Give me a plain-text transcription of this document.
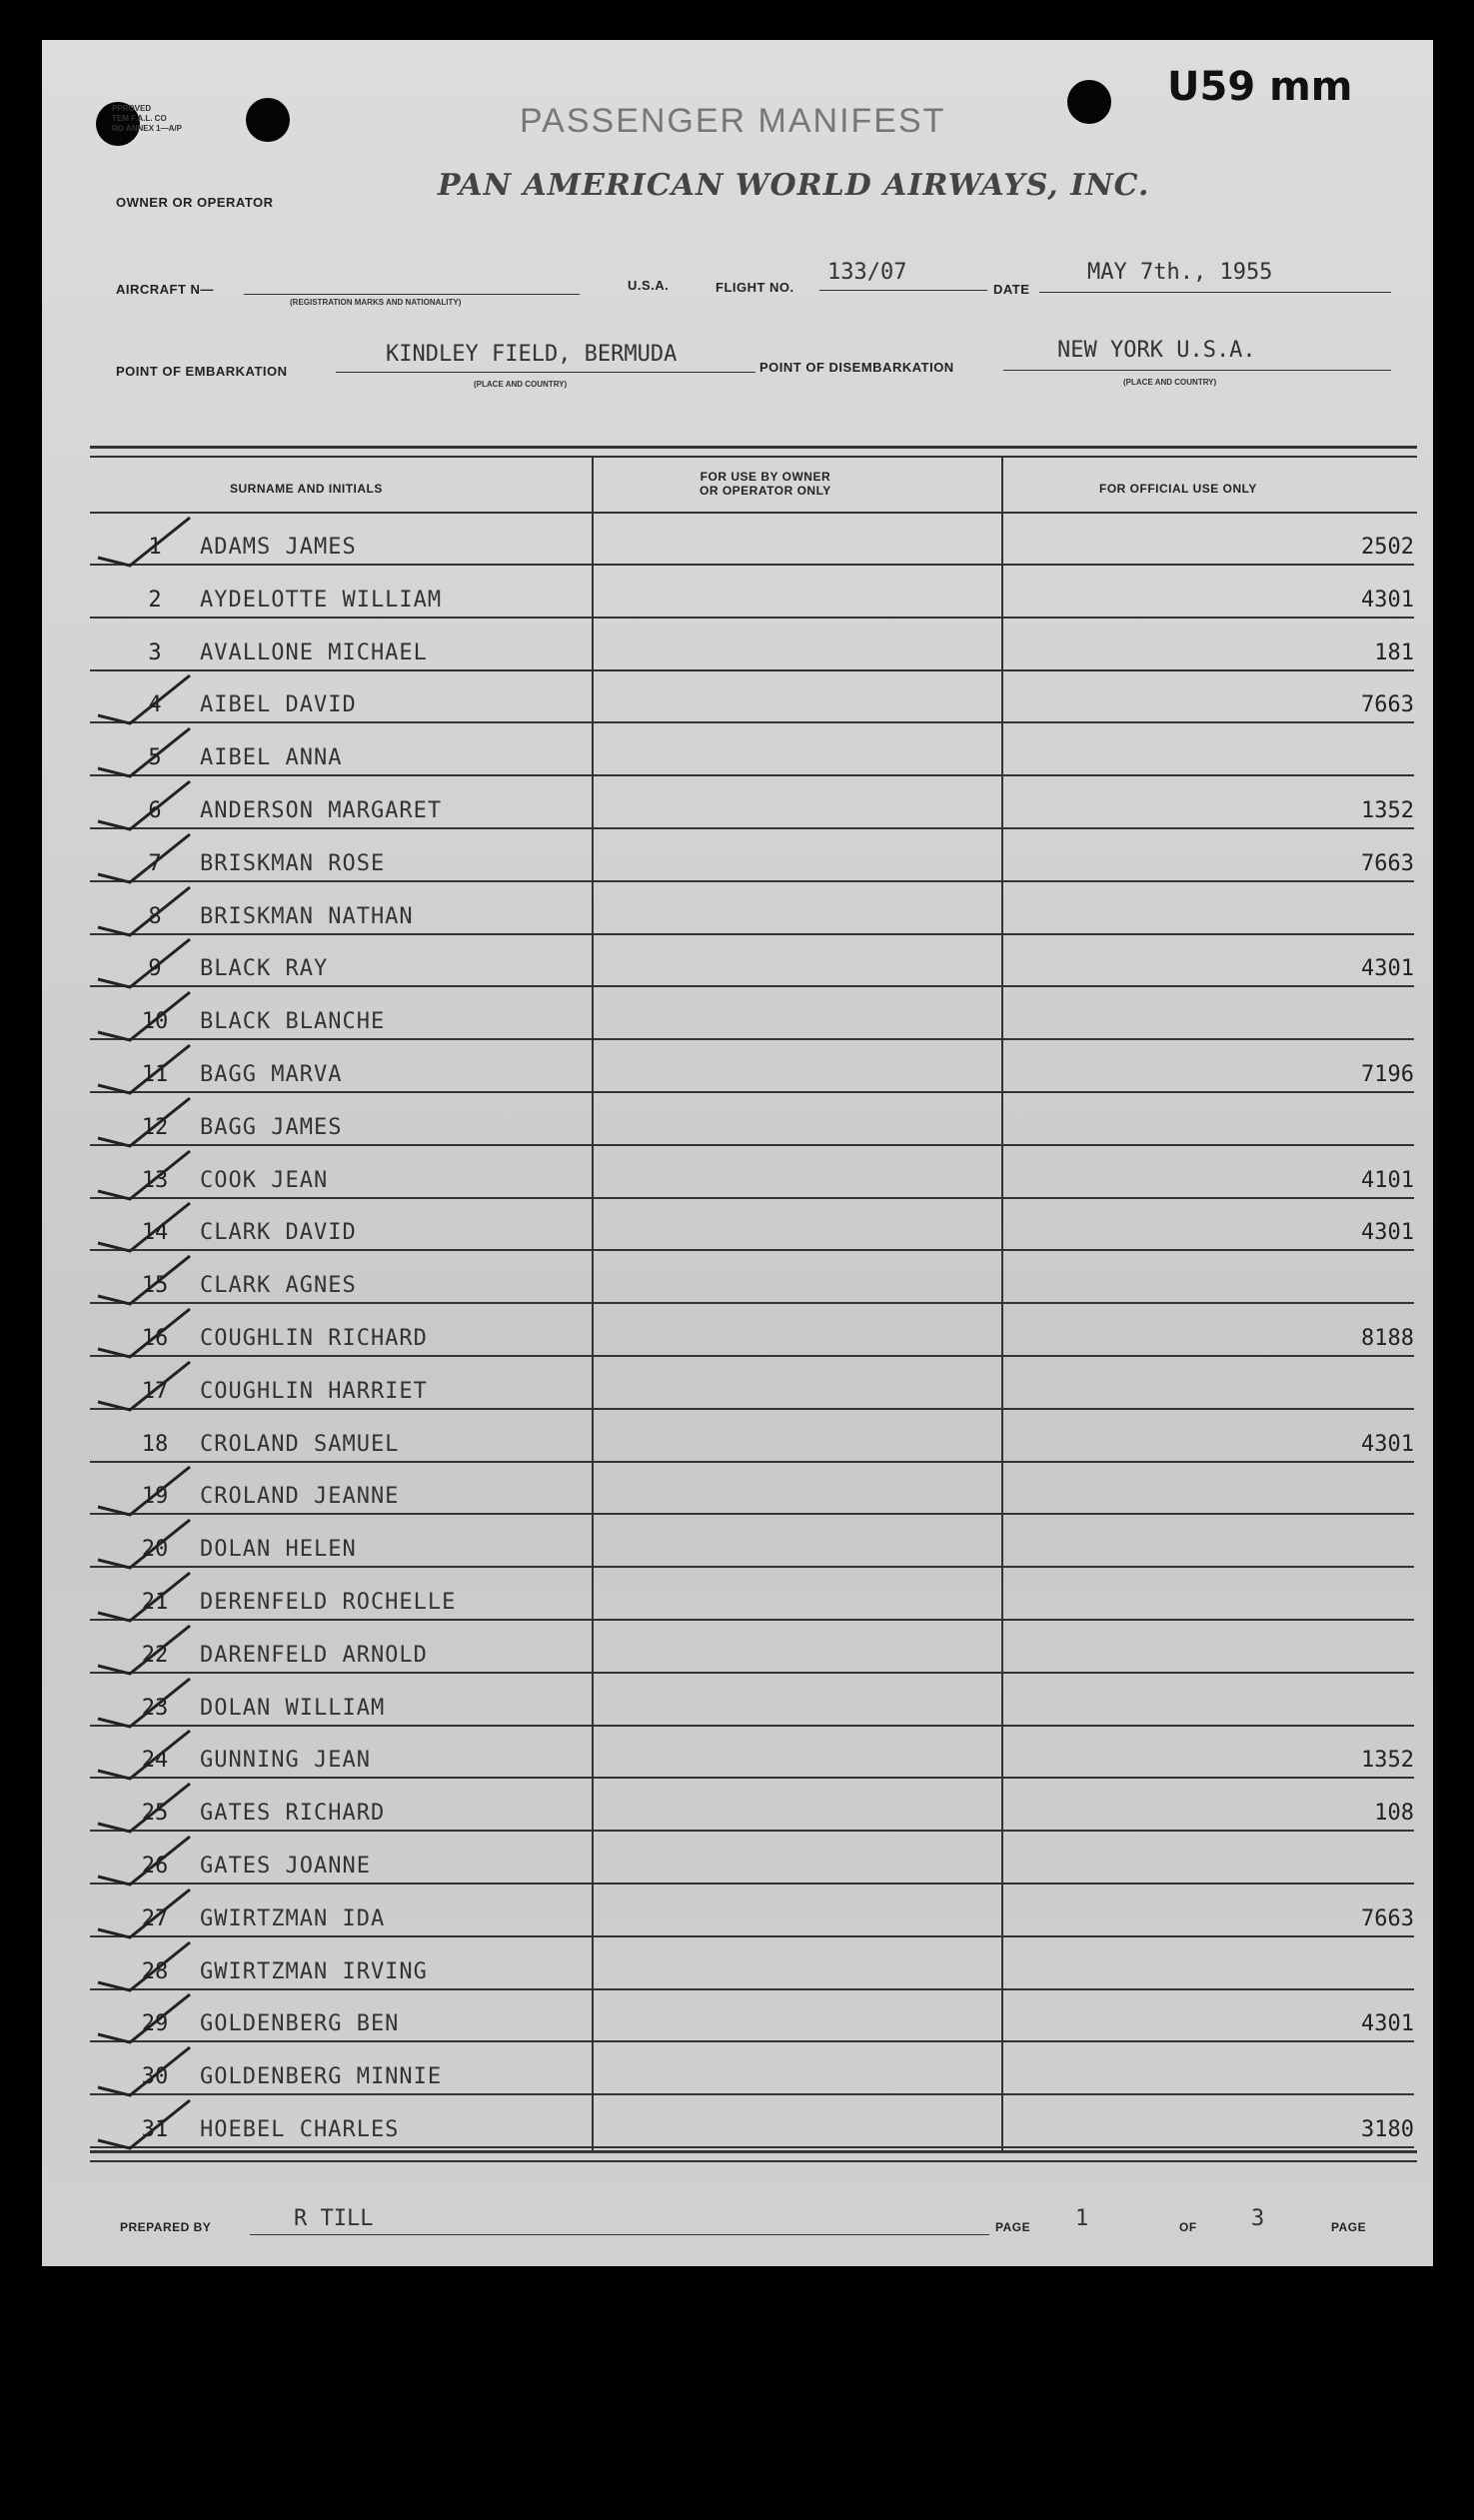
PPROVED
TEM F.A.L. CO
RO ANNEX 1—A/P	PASSENGER MANIFEST
PAN AMERICAN WORLD AIRWAYS, INC.
OWNER OR OPERATOR
U59 mm
AIRCRAFT N—
(REGISTRATION MARKS AND NATIONALITY)
U.S.A.	FLIGHT NO.
133/07
DATE
MAY 7th., 1955
POINT OF EMBARKATION
KINDLEY FIELD, BERMUDA
(PLACE AND COUNTRY)
POINT OF DISEMBARKATION
NEW YORK U.S.A.
(PLACE AND COUNTRY)
SURNAME AND INITIALS
FOR USE BY OWNER
OR OPERATOR ONLY	FOR OFFICIAL USE ONLY
1	ADAMS JAMES	2502
2	AYDELOTTE WILLIAM	4301
3	AVALLONE MICHAEL	181
4	AIBEL DAVID	7663
5	AIBEL ANNA
6	ANDERSON MARGARET	1352
7	BRISKMAN ROSE	7663
8	BRISKMAN NATHAN
9	BLACK RAY	4301
10	BLACK BLANCHE
11	BAGG MARVA	7196
12	BAGG JAMES
13	COOK JEAN	4101
14	CLARK DAVID	4301
15	CLARK AGNES
16	COUGHLIN RICHARD	8188
17	COUGHLIN HARRIET
18	CROLAND SAMUEL	4301
19	CROLAND JEANNE
20	DOLAN HELEN
21	DERENFELD ROCHELLE
22	DARENFELD ARNOLD
23	DOLAN WILLIAM
24	GUNNING JEAN	1352
25	GATES RICHARD	108
26	GATES JOANNE
27	GWIRTZMAN IDA	7663
28	GWIRTZMAN IRVING
29	GOLDENBERG BEN	4301
30	GOLDENBERG MINNIE
31	HOEBEL CHARLES	3180
PREPARED BY	R TILL	PAGE 1	OF 3	PAGE
